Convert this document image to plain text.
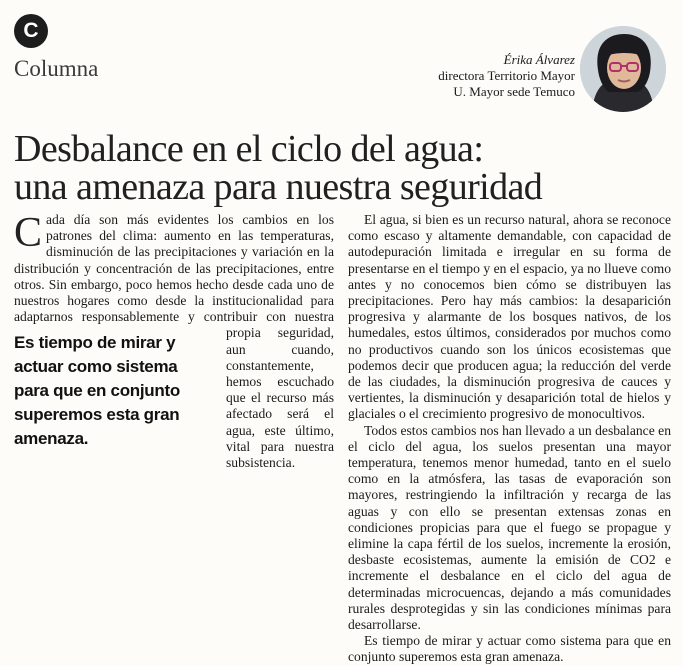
C
Columna	Érika Álvarez
directora Territorio Mayor
U. Mayor sede Temuco
Desbalance en el ciclo del agua:
una amenaza para nuestra seguridad

Cada día son más evidentes los cambios en los patrones del clima: aumento en las temperaturas, disminución de las precipitaciones y variación en la distribución y concentración de las precipitaciones, entre otros. Sin embargo, poco hemos hecho desde cada uno de nuestros hogares como desde la institucionalidad para adaptarnos responsablemente y contribuir
Es tiempo de mirar y actuar como sistema para que en conjunto superemos esta gran amenaza.
con nuestra propia seguridad, aun cuando, constantemente, hemos escuchado que el recurso más afectado será el agua, este último, vital para nuestra subsistencia.

El agua, si bien es un recurso natural, ahora se reconoce como escaso y altamente demandable, con capacidad de autodepuración limitada e irregular en su forma de presentarse en el tiempo y en el espacio, ya no llueve como antes y no conocemos bien cómo se distribuyen las precipitaciones. Pero hay más cambios: la desaparición progresiva y alarmante de los bosques nativos, de los humedales, estos últimos, considerados por muchos como no productivos cuando son los únicos ecosistemas que podemos decir que producen agua; la reducción del verde de las ciudades, la disminución progresiva de cauces y vertientes, la disminución y desaparición total de hielos y glaciales o el crecimiento progresivo de monocultivos.

Todos estos cambios nos han llevado a un desbalance en el ciclo del agua, los suelos presentan una mayor temperatura, tenemos menor humedad, tanto en el suelo como en la atmósfera, las tasas de evaporación son mayores, restringiendo la infiltración y recarga de las aguas y con ello se presentan extensas zonas en condiciones propicias para que el fuego se propague y elimine la capa fértil de los suelos, incremente la erosión, desbaste ecosistemas, aumente la emisión de CO2 e incremente el desbalance en el ciclo del agua de determinadas microcuencas, dejando a más comunidades rurales desprotegidas y sin las condiciones mínimas para desarrollarse.

Es tiempo de mirar y actuar como sistema para que en conjunto superemos esta gran amenaza.
